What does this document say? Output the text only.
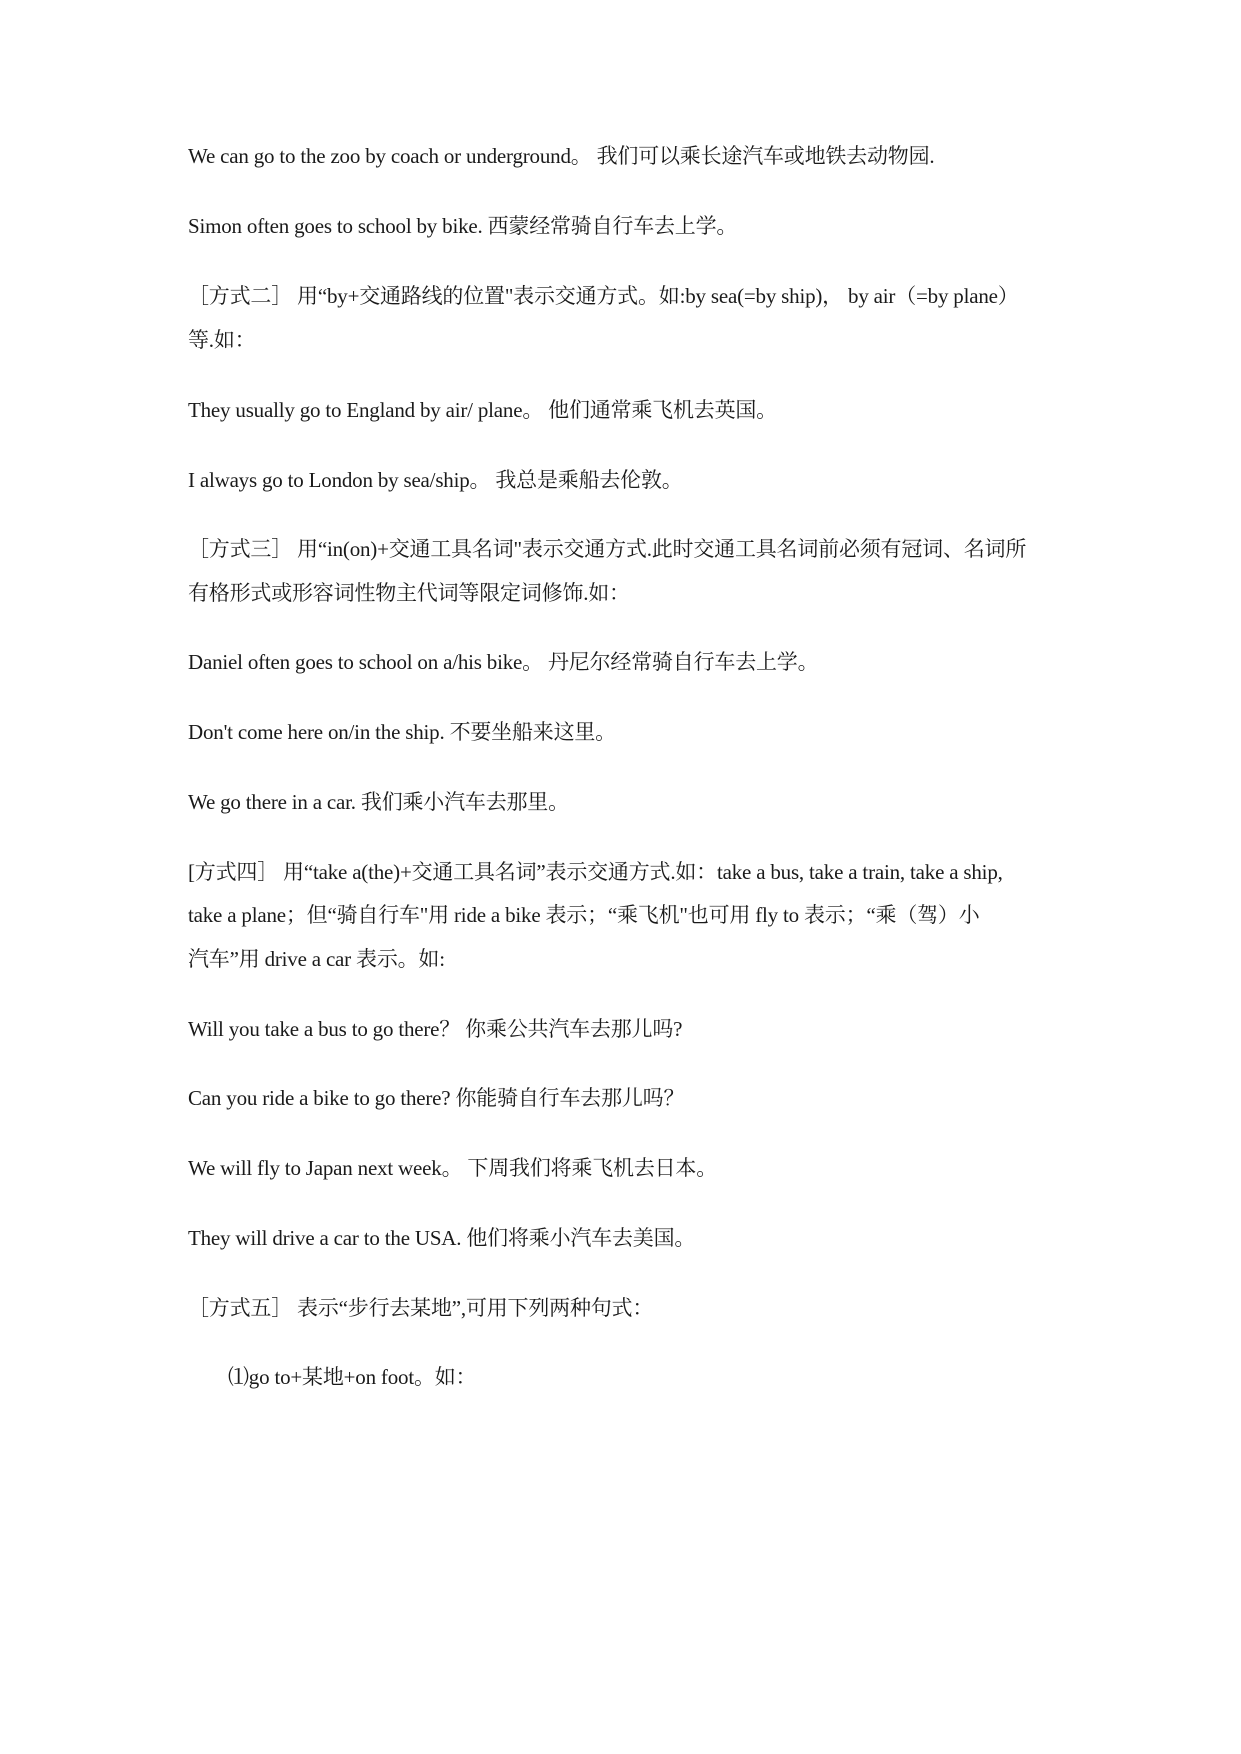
We can go to the zoo by coach or underground。 我们可以乘长途汽车或地铁去动物园.
Simon often goes to school by bike. 西蒙经常骑自行车去上学。
［方式二］ 用“by+交通路线的位置"表示交通方式。如:by sea(=by ship)， by air（=by plane）
等.如：
They usually go to England by air/ plane。 他们通常乘飞机去英国。
I always go to London by sea/ship。 我总是乘船去伦敦。
［方式三］ 用“in(on)+交通工具名词"表示交通方式.此时交通工具名词前必须有冠词、名词所
有格形式或形容词性物主代词等限定词修饰.如：
Daniel often goes to school on a/his bike。 丹尼尔经常骑自行车去上学。
Don't come here on/in the ship. 不要坐船来这里。
We go there in a car. 我们乘小汽车去那里。
[方式四］ 用“take a(the)+交通工具名词”表示交通方式.如：take a bus, take a train, take a ship,
take a plane；但“骑自行车"用 ride a bike 表示；“乘飞机"也可用 fly to 表示；“乘（驾）小
汽车”用 drive a car 表示。如:
Will you take a bus to go there？ 你乘公共汽车去那儿吗?
Can you ride a bike to go there? 你能骑自行车去那儿吗？
We will fly to Japan next week。 下周我们将乘飞机去日本。
They will drive a car to the USA. 他们将乘小汽车去美国。
［方式五］ 表示“步行去某地”,可用下列两种句式：
⑴go to+某地+on foot。如：
